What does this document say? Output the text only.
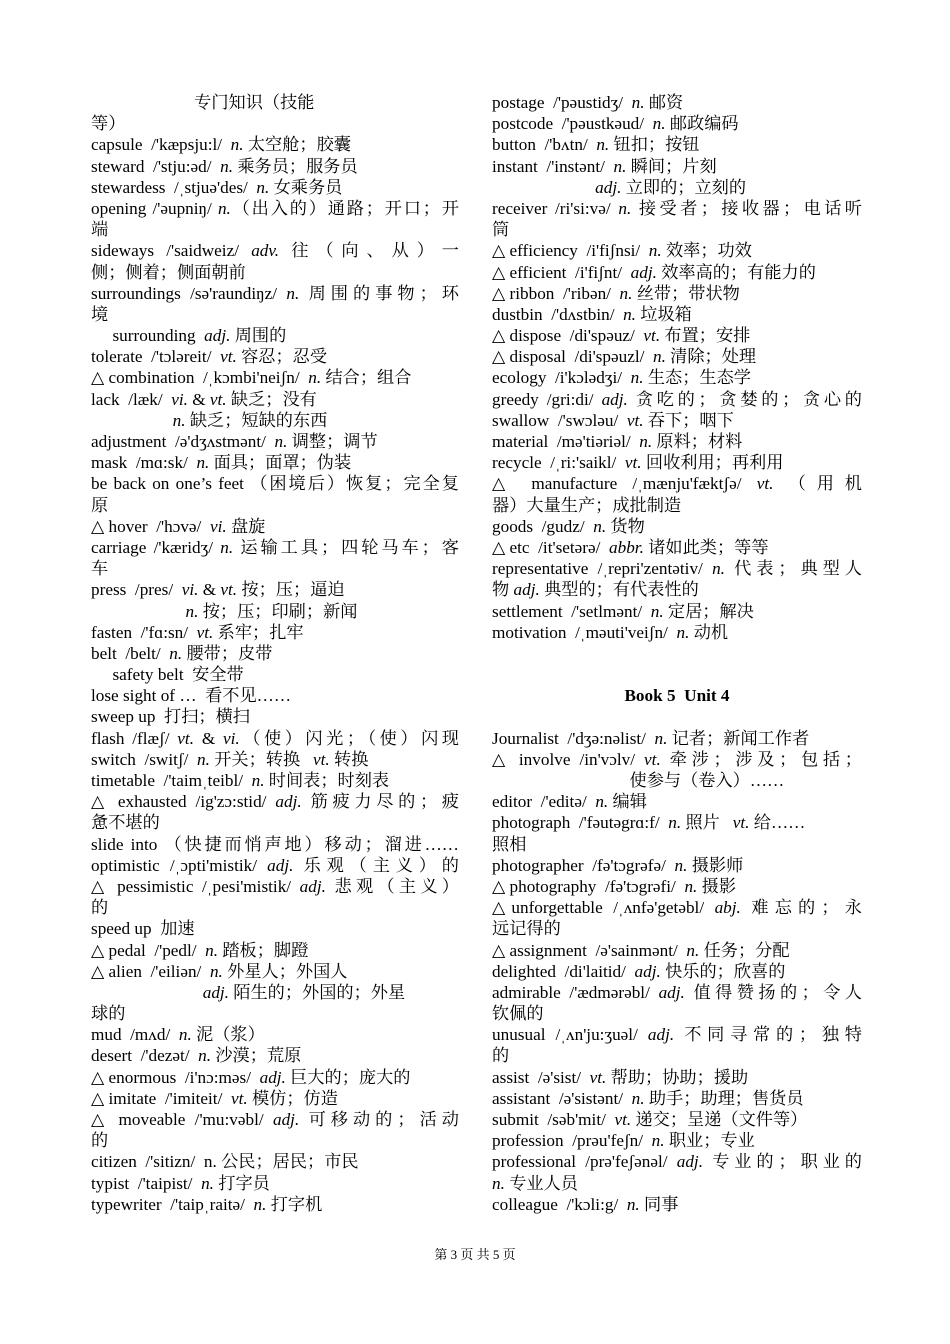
专门知识（技能
等）
capsule  /'kæpsju:l/  n. 太空舱；胶囊
steward  /'stju:əd/  n. 乘务员；服务员
stewardess  /ˌstjuə'des/  n. 女乘务员
opening /'əupniŋ/ n.（出入的）通路；开口；开
端
sideways /'saidweiz/ adv. 往（向、从）一
侧；侧着；侧面朝前
surroundings /sə'raundiŋz/ n. 周围的事物；环
境
surrounding  adj. 周围的
tolerate  /'tɔləreit/  vt. 容忍；忍受
△ combination  /ˌkɔmbi'neiʃn/  n. 结合；组合
lack  /læk/  vi. & vt. 缺乏；没有
n. 缺乏；短缺的东西
adjustment  /ə'dʒʌstmənt/  n. 调整；调节
mask  /mɑ:sk/  n. 面具；面罩；伪装
be back on one’s feet （困境后）恢复；完全复
原
△ hover  /'hɔvə/  vi. 盘旋
carriage /'kæridʒ/ n. 运输工具；四轮马车；客
车
press  /pres/  vi. & vt. 按；压；逼迫
n. 按；压；印刷；新闻
fasten  /'fɑ:sn/  vt. 系牢；扎牢
belt  /belt/  n. 腰带；皮带
safety belt  安全带
lose sight of …  看不见……
sweep up  打扫；横扫
flash /flæʃ/ vt. & vi.（使）闪光；（使）闪现
switch  /switʃ/  n. 开关；转换   vt. 转换
timetable  /'taimˌteibl/  n. 时间表；时刻表
△ exhausted /ig'zɔ:stid/ adj. 筋疲力尽的；疲
惫不堪的
slide into （快捷而悄声地）移动；溜进……
optimistic /ˌɔpti'mistik/ adj. 乐观（主义）的
△ pessimistic /ˌpesi'mistik/ adj. 悲观（主义）
的
speed up  加速
△ pedal  /'pedl/  n. 踏板；脚蹬
△ alien  /'eiliən/  n. 外星人；外国人
adj. 陌生的；外国的；外星
球的
mud  /mʌd/  n. 泥（浆）
desert  /'dezət/  n. 沙漠；荒原
△ enormous  /i'nɔ:məs/  adj. 巨大的；庞大的
△ imitate  /'imiteit/  vt. 模仿；仿造
△ moveable /'mu:vəbl/ adj. 可移动的；活动
的
citizen  /'sitizn/  n. 公民；居民；市民
typist  /'taipist/  n. 打字员
typewriter  /'taipˌraitə/  n. 打字机
postage  /'pəustidʒ/  n. 邮资
postcode  /'pəustkəud/  n. 邮政编码
button  /'bʌtn/  n. 钮扣；按钮
instant  /'instənt/  n. 瞬间；片刻
adj. 立即的；立刻的
receiver /ri'si:və/ n. 接受者；接收器；电话听
筒
△ efficiency  /i'fiʃnsi/  n. 效率；功效
△ efficient  /i'fiʃnt/  adj. 效率高的；有能力的
△ ribbon  /'ribən/  n. 丝带；带状物
dustbin  /'dʌstbin/  n. 垃圾箱
△ dispose  /di'spəuz/  vt. 布置；安排
△ disposal  /di'spəuzl/  n. 清除；处理
ecology  /i'kɔlədʒi/  n. 生态；生态学
greedy /gri:di/ adj. 贪吃的；贪婪的；贪心的
swallow  /'swɔləu/  vt. 吞下；咽下
material  /mə'tiəriəl/  n. 原料；材料
recycle  /ˌri:'saikl/  vt. 回收利用；再利用
△ manufacture /ˌmænju'fæktʃə/ vt. （用机
器）大量生产；成批制造
goods  /gudz/  n. 货物
△ etc  /it'setərə/  abbr. 诸如此类；等等
representative /ˌrepri'zentətiv/ n. 代表；典型人
物 adj. 典型的；有代表性的
settlement  /'setlmənt/  n. 定居；解决
motivation  /ˌməuti'veiʃn/  n. 动机

Book 5  Unit 4

Journalist  /'dʒə:nəlist/  n. 记者；新闻工作者
△ involve /in'vɔlv/ vt. 牵涉；涉及；包括；
使参与（卷入）……
editor  /'editə/  n. 编辑
photograph  /'fəutəgrɑ:f/  n. 照片   vt. 给……
照相
photographer  /fə'tɔgrəfə/  n. 摄影师
△ photography  /fə'tɔgrəfi/  n. 摄影
△unforgettable /ˌʌnfə'getəbl/ abj. 难忘的；永
远记得的
△ assignment  /ə'sainmənt/  n. 任务；分配
delighted  /di'laitid/  adj. 快乐的；欣喜的
admirable /'ædmərəbl/ adj. 值得赞扬的；令人
钦佩的
unusual /ˌʌn'ju:ʒuəl/ adj. 不同寻常的；独特
的
assist  /ə'sist/  vt. 帮助；协助；援助
assistant  /ə'sistənt/  n. 助手；助理；售货员
submit  /səb'mit/  vt. 递交；呈递（文件等）
profession  /prəu'feʃn/  n. 职业；专业
professional /prə'feʃənəl/ adj. 专业的；职业的
n. 专业人员
colleague  /'kɔli:g/  n. 同事
第 3 页 共 5 页
